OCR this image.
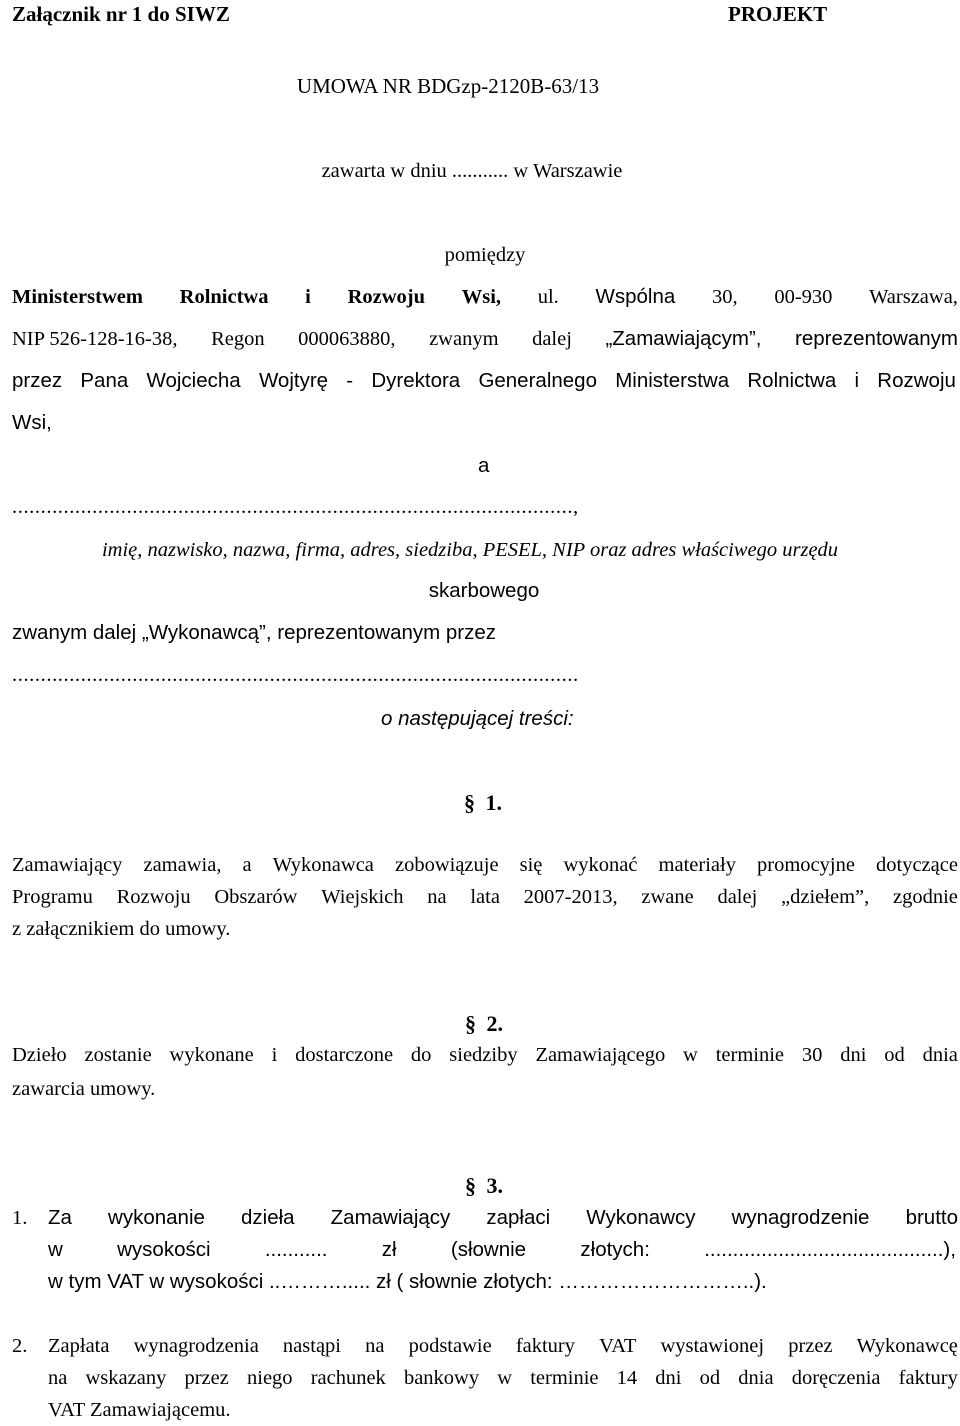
Załącznik nr 1 do SIWZ	PROJEKT
UMOWA NR BDGzp-2120B-63/13
zawarta w dniu ........... w Warszawie
pomiędzy
Ministerstwem Rolnictwa i Rozwoju Wsi, ul. Wspólna 30, 00-930 Warszawa,
NIP 526-128-16-38, Regon 000063880, zwanym dalej „Zamawiającym”, reprezentowanym
przez Pana Wojciecha Wojtyrę - Dyrektora Generalnego Ministerstwa Rolnictwa i Rozwoju
Wsi,
a
..................................................................................................,
imię, nazwisko, nazwa, firma, adres, siedziba, PESEL, NIP oraz adres właściwego urzędu
skarbowego
zwanym dalej „Wykonawcą”, reprezentowanym przez
...................................................................................................
o następującej treści:
§ 1.
Zamawiający zamawia, a Wykonawca zobowiązuje się wykonać materiały promocyjne dotyczące
Programu Rozwoju Obszarów Wiejskich na lata 2007-2013, zwane dalej „dziełem”, zgodnie
z załącznikiem do umowy.
§ 2.
Dzieło zostanie wykonane i dostarczone do siedziby Zamawiającego w terminie 30 dni od dnia
zawarcia umowy.
§ 3.
1. Za wykonanie dzieła Zamawiający zapłaci Wykonawcy wynagrodzenie brutto
w	wysokości	...........	zł	(słownie	złotych:	..........................................),
w tym VAT w wysokości ..………..... zł ( słownie złotych: ………………………..).
2. Zapłata wynagrodzenia nastąpi na podstawie faktury VAT wystawionej przez Wykonawcę
na wskazany przez niego rachunek bankowy w terminie 14 dni od dnia doręczenia faktury
VAT Zamawiającemu.
